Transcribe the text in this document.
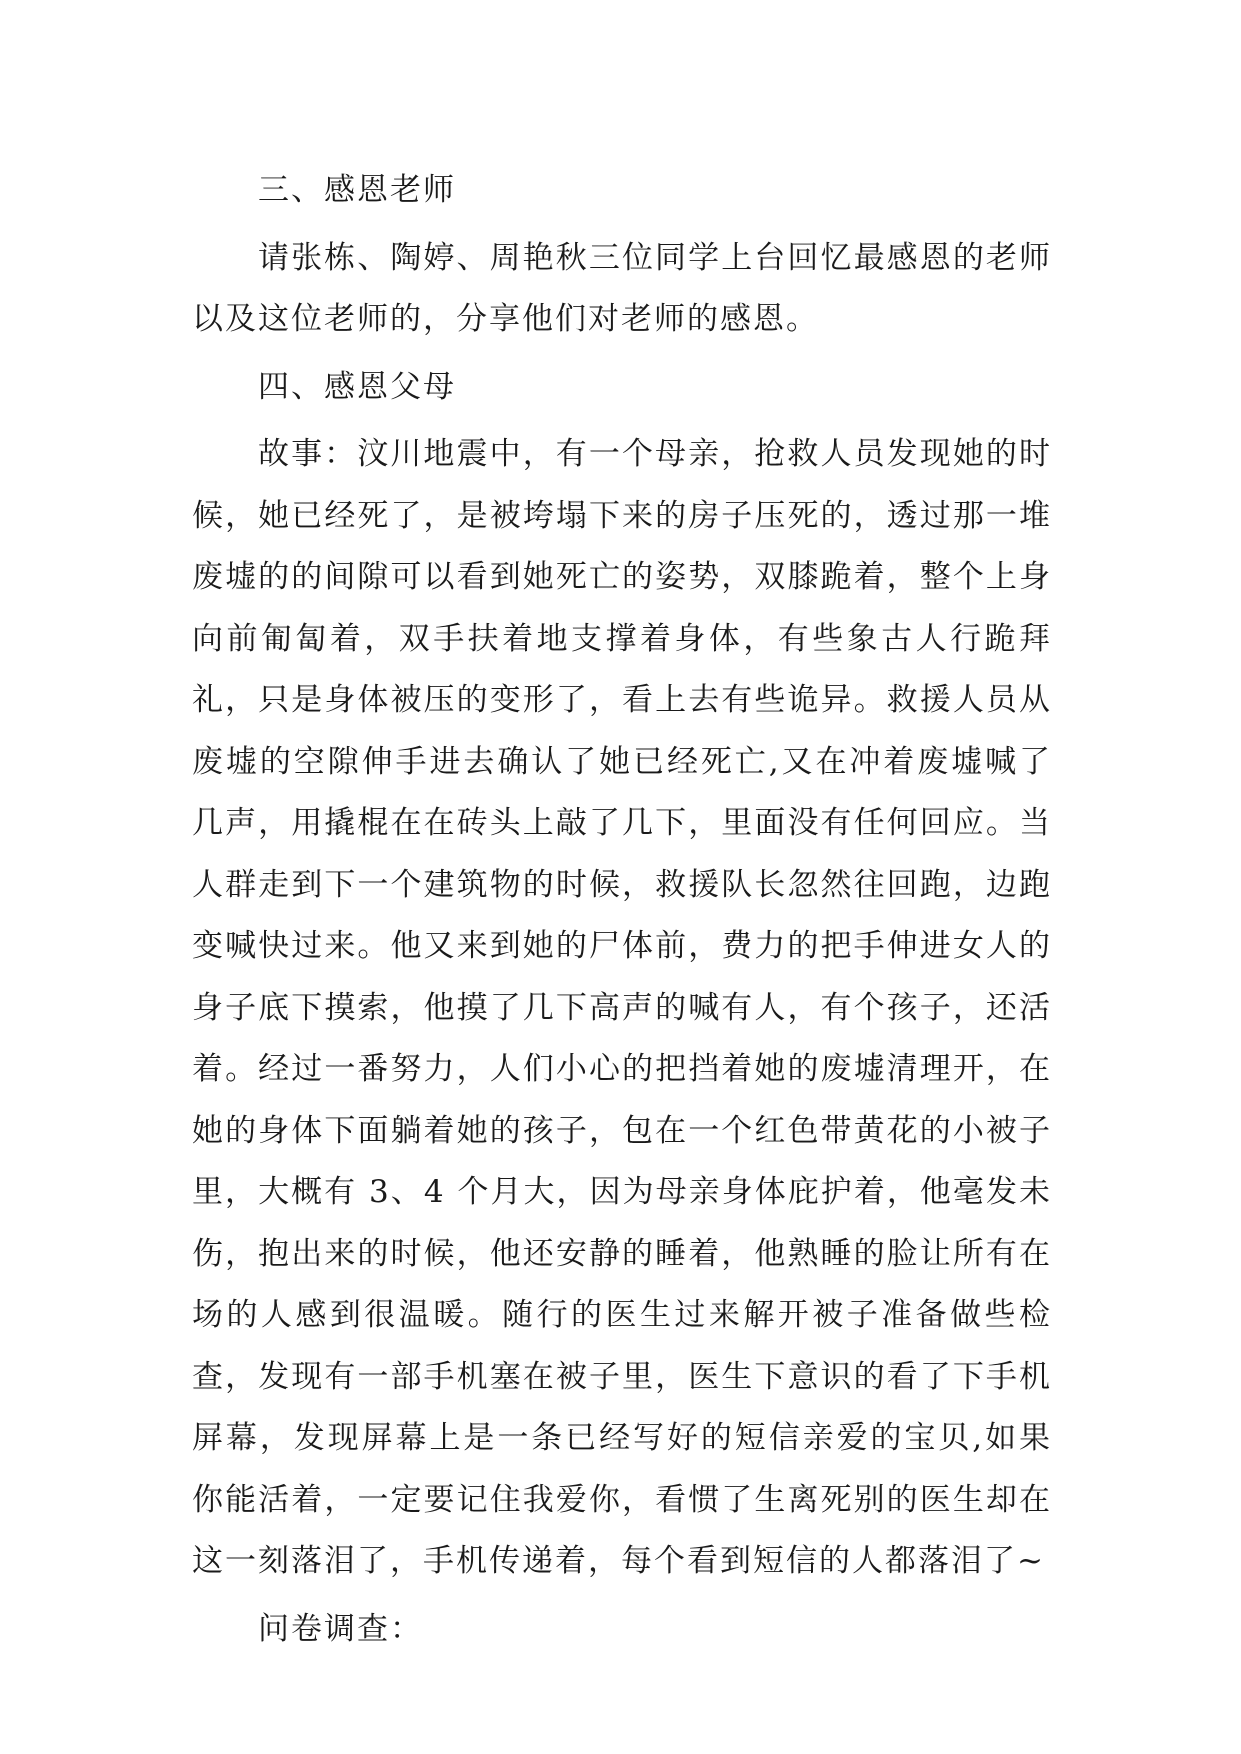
三、感恩老师

请张栋、陶婷、周艳秋三位同学上台回忆最感恩的老师以及这位老师的，分享他们对老师的感恩。

四、感恩父母

故事：汶川地震中，有一个母亲，抢救人员发现她的时候，她已经死了，是被垮塌下来的房子压死的，透过那一堆废墟的的间隙可以看到她死亡的姿势，双膝跪着，整个上身向前匍匐着，双手扶着地支撑着身体，有些象古人行跪拜礼，只是身体被压的变形了，看上去有些诡异。救援人员从废墟的空隙伸手进去确认了她已经死亡,又在冲着废墟喊了几声，用撬棍在在砖头上敲了几下，里面没有任何回应。当人群走到下一个建筑物的时候，救援队长忽然往回跑，边跑变喊快过来。他又来到她的尸体前，费力的把手伸进女人的身子底下摸索，他摸了几下高声的喊有人，有个孩子，还活着。经过一番努力，人们小心的把挡着她的废墟清理开，在她的身体下面躺着她的孩子，包在一个红色带黄花的小被子里，大概有 3、4 个月大，因为母亲身体庇护着，他毫发未伤，抱出来的时候，他还安静的睡着，他熟睡的脸让所有在场的人感到很温暖。随行的医生过来解开被子准备做些检查，发现有一部手机塞在被子里，医生下意识的看了下手机屏幕，发现屏幕上是一条已经写好的短信亲爱的宝贝,如果你能活着，一定要记住我爱你，看惯了生离死别的医生却在这一刻落泪了，手机传递着，每个看到短信的人都落泪了~

问卷调查：
